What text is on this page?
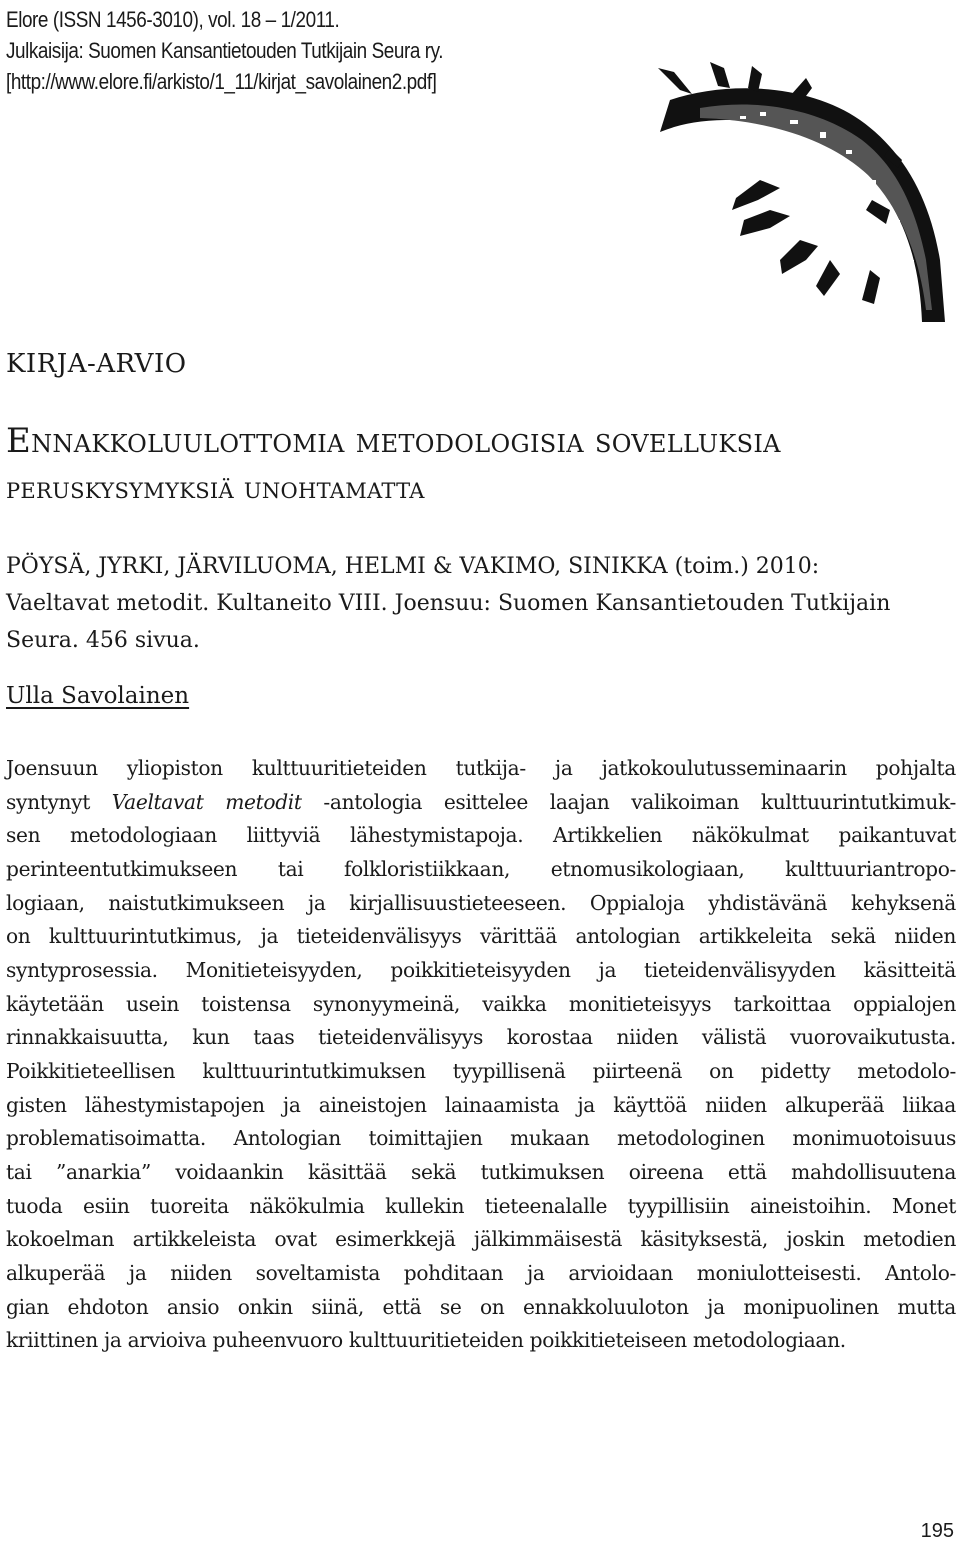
Elore (ISSN 1456-3010), vol. 18 – 1/2011.
Julkaisija: Suomen Kansantietouden Tutkijain Seura ry.
[http://www.elore.fi/arkisto/1_11/kirjat_savolainen2.pdf]
KIRJA-ARVIO
Ennakkoluulottomia metodologisia sovelluksia
peruskysymyksiä unohtamatta
PÖYSÄ, JYRKI, JÄRVILUOMA, HELMI & VAKIMO, SINIKKA (toim.) 2010:
Vaeltavat metodit. Kultaneito VIII. Joensuu: Suomen Kansantietouden Tutkijain
Seura. 456 sivua.
Ulla Savolainen
Joensuun yliopiston kulttuuritieteiden tutkija- ja jatkokoulutusseminaarin pohjalta
syntynyt Vaeltavat metodit -antologia esittelee laajan valikoiman kulttuurintutkimuk-
sen metodologiaan liittyviä lähestymistapoja. Artikkelien näkökulmat paikantuvat
perinteentutkimukseen tai folkloristiikkaan, etnomusikologiaan, kulttuuriantropo-
logiaan, naistutkimukseen ja kirjallisuustieteeseen. Oppialoja yhdistävänä kehyksenä
on kulttuurintutkimus, ja tieteidenvälisyys värittää antologian artikkeleita sekä niiden
syntyprosessia. Monitieteisyyden, poikkitieteisyyden ja tieteidenvälisyyden käsitteitä
käytetään usein toistensa synonyymeinä, vaikka monitieteisyys tarkoittaa oppialojen
rinnakkaisuutta, kun taas tieteidenvälisyys korostaa niiden välistä vuorovaikutusta.
Poikkitieteellisen kulttuurintutkimuksen tyypillisenä piirteenä on pidetty metodolo-
gisten lähestymistapojen ja aineistojen lainaamista ja käyttöä niiden alkuperää liikaa
problematisoimatta. Antologian toimittajien mukaan metodologinen monimuotoisuus
tai ”anarkia” voidaankin käsittää sekä tutkimuksen oireena että mahdollisuutena
tuoda esiin tuoreita näkökulmia kullekin tieteenalalle tyypillisiin aineistoihin. Monet
kokoelman artikkeleista ovat esimerkkejä jälkimmäisestä käsityksestä, joskin metodien
alkuperää ja niiden soveltamista pohditaan ja arvioidaan moniulotteisesti. Antolo-
gian ehdoton ansio onkin siinä, että se on ennakkoluuloton ja monipuolinen mutta
kriittinen ja arvioiva puheenvuoro kulttuuritieteiden poikkitieteiseen metodologiaan.
195
